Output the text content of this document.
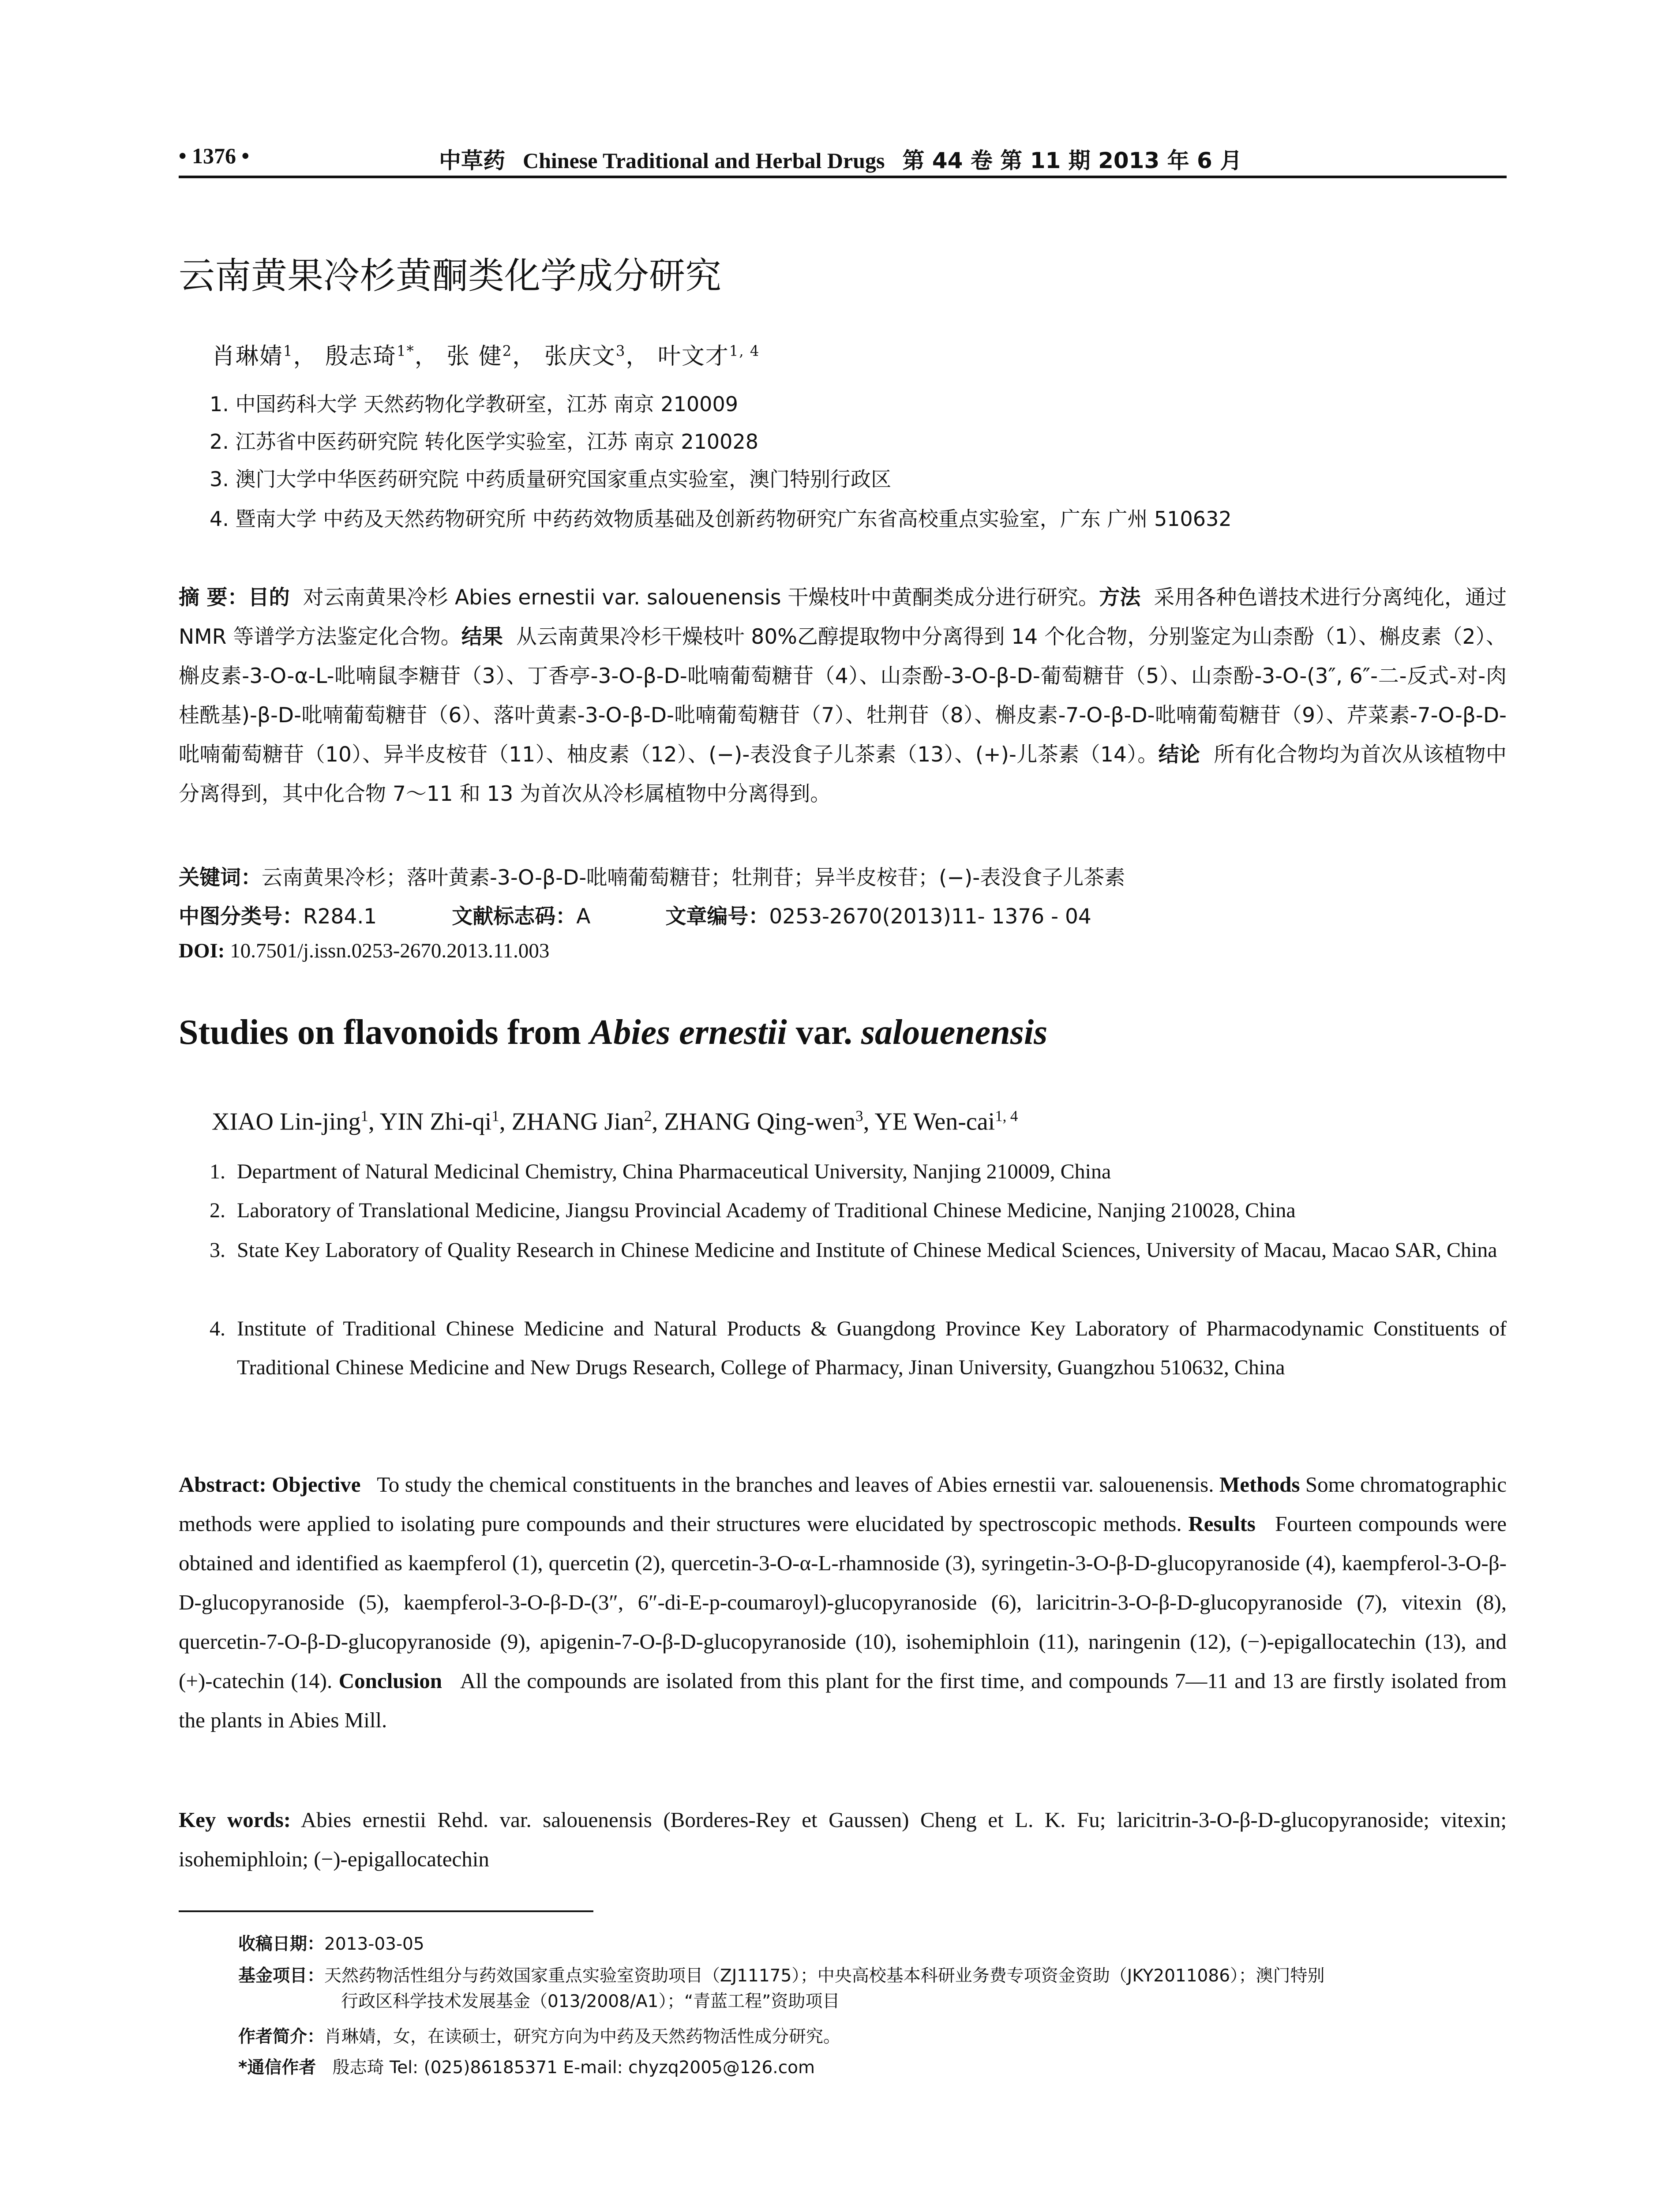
• 1376 •	中草药 Chinese Traditional and Herbal Drugs 第 44 卷 第 11 期 2013 年 6 月
云南黄果冷杉黄酮类化学成分研究
肖琳婧$^1$， 殷志琦$^{1*}$， 张 健$^2$， 张庆文$^3$， 叶文才$^{1, 4}$
1. 中国药科大学 天然药物化学教研室，江苏 南京 210009
2. 江苏省中医药研究院 转化医学实验室，江苏 南京 210028
3. 澳门大学中华医药研究院 中药质量研究国家重点实验室，澳门特别行政区
4. 暨南大学 中药及天然药物研究所 中药药效物质基础及创新药物研究广东省高校重点实验室，广东 广州 510632
摘 要：目的 对云南黄果冷杉 Abies ernestii var. salouenensis 干燥枝叶中黄酮类成分进行研究。方法 采用各种色谱技术进行分离纯化，通过 NMR 等谱学方法鉴定化合物。结果 从云南黄果冷杉干燥枝叶 80%乙醇提取物中分离得到 14 个化合物，分别鉴定为山柰酚（1）、槲皮素（2）、槲皮素-3-O-α-L-吡喃鼠李糖苷（3）、丁香亭-3-O-β-D-吡喃葡萄糖苷（4）、山柰酚-3-O-β-D-葡萄糖苷（5）、山柰酚-3-O-(3″, 6″-二-反式-对-肉桂酰基)-β-D-吡喃葡萄糖苷（6）、落叶黄素-3-O-β-D-吡喃葡萄糖苷（7）、牡荆苷（8）、槲皮素-7-O-β-D-吡喃葡萄糖苷（9）、芹菜素-7-O-β-D-吡喃葡萄糖苷（10）、异半皮桉苷（11）、柚皮素（12）、(−)-表没食子儿茶素（13）、(+)-儿茶素（14）。结论 所有化合物均为首次从该植物中分离得到，其中化合物 7～11 和 13 为首次从冷杉属植物中分离得到。
关键词：云南黄果冷杉；落叶黄素-3-O-β-D-吡喃葡萄糖苷；牡荆苷；异半皮桉苷；(−)-表没食子儿茶素
中图分类号：R284.1	文献标志码：A	文章编号：0253-2670(2013)11- 1376 - 04
DOI: 10.7501/j.issn.0253-2670.2013.11.003
Studies on flavonoids from Abies ernestii var. salouenensis
XIAO Lin-jing$^1$, YIN Zhi-$qi^1$, ZHANG Jian$^2$, ZHANG Qing-wen$^3$, YE Wen-cai$^{1, 4}$
1. Department of Natural Medicinal Chemistry, China Pharmaceutical University, Nanjing 210009, China
2. Laboratory of Translational Medicine, Jiangsu Provincial Academy of Traditional Chinese Medicine, Nanjing 210028, China
3. State Key Laboratory of Quality Research in Chinese Medicine and Institute of Chinese Medical Sciences, University of Macau, Macao SAR, China
4. Institute of Traditional Chinese Medicine and Natural Products & Guangdong Province Key Laboratory of Pharmacodynamic Constituents of Traditional Chinese Medicine and New Drugs Research, College of Pharmacy, Jinan University, Guangzhou 510632, China
Abstract: Objective To study the chemical constituents in the branches and leaves of Abies ernestii var. salouenensis. Methods Some chromatographic methods were applied to isolating pure compounds and their structures were elucidated by spectroscopic methods. Results Fourteen compounds were obtained and identified as kaempferol (1), quercetin (2), quercetin-3-O-α-L-rhamnoside (3), syringetin-3-O-β-D-glucopyranoside (4), kaempferol-3-O-β-D-glucopyranoside (5), kaempferol-3-O-β-D-(3″, 6″-di-E-p-coumaroyl)-glucopyranoside (6), laricitrin-3-O-β-D-glucopyranoside (7), vitexin (8), quercetin-7-O-β-D-glucopyranoside (9), apigenin-7-O-β-D-glucopyranoside (10), isohemiphloin (11), naringenin (12), (−)-epigallocatechin (13), and (+)-catechin (14). Conclusion All the compounds are isolated from this plant for the first time, and compounds 7—11 and 13 are firstly isolated from the plants in Abies Mill.
Key words: Abies ernestii Rehd. var. salouenensis (Borderes-Rey et Gaussen) Cheng et L. K. Fu; laricitrin-3-O-β-D-glucopyranoside; vitexin; isohemiphloin; (−)-epigallocatechin
收稿日期：2013-03-05
基金项目：天然药物活性组分与药效国家重点实验室资助项目（ZJ11175）；中央高校基本科研业务费专项资金资助（JKY2011086）；澳门特别
行政区科学技术发展基金（013/2008/A1）；“青蓝工程”资助项目
作者简介：肖琳婧，女，在读硕士，研究方向为中药及天然药物活性成分研究。
*通信作者 殷志琦 Tel: (025)86185371 E-mail: chyzq2005@126.com
